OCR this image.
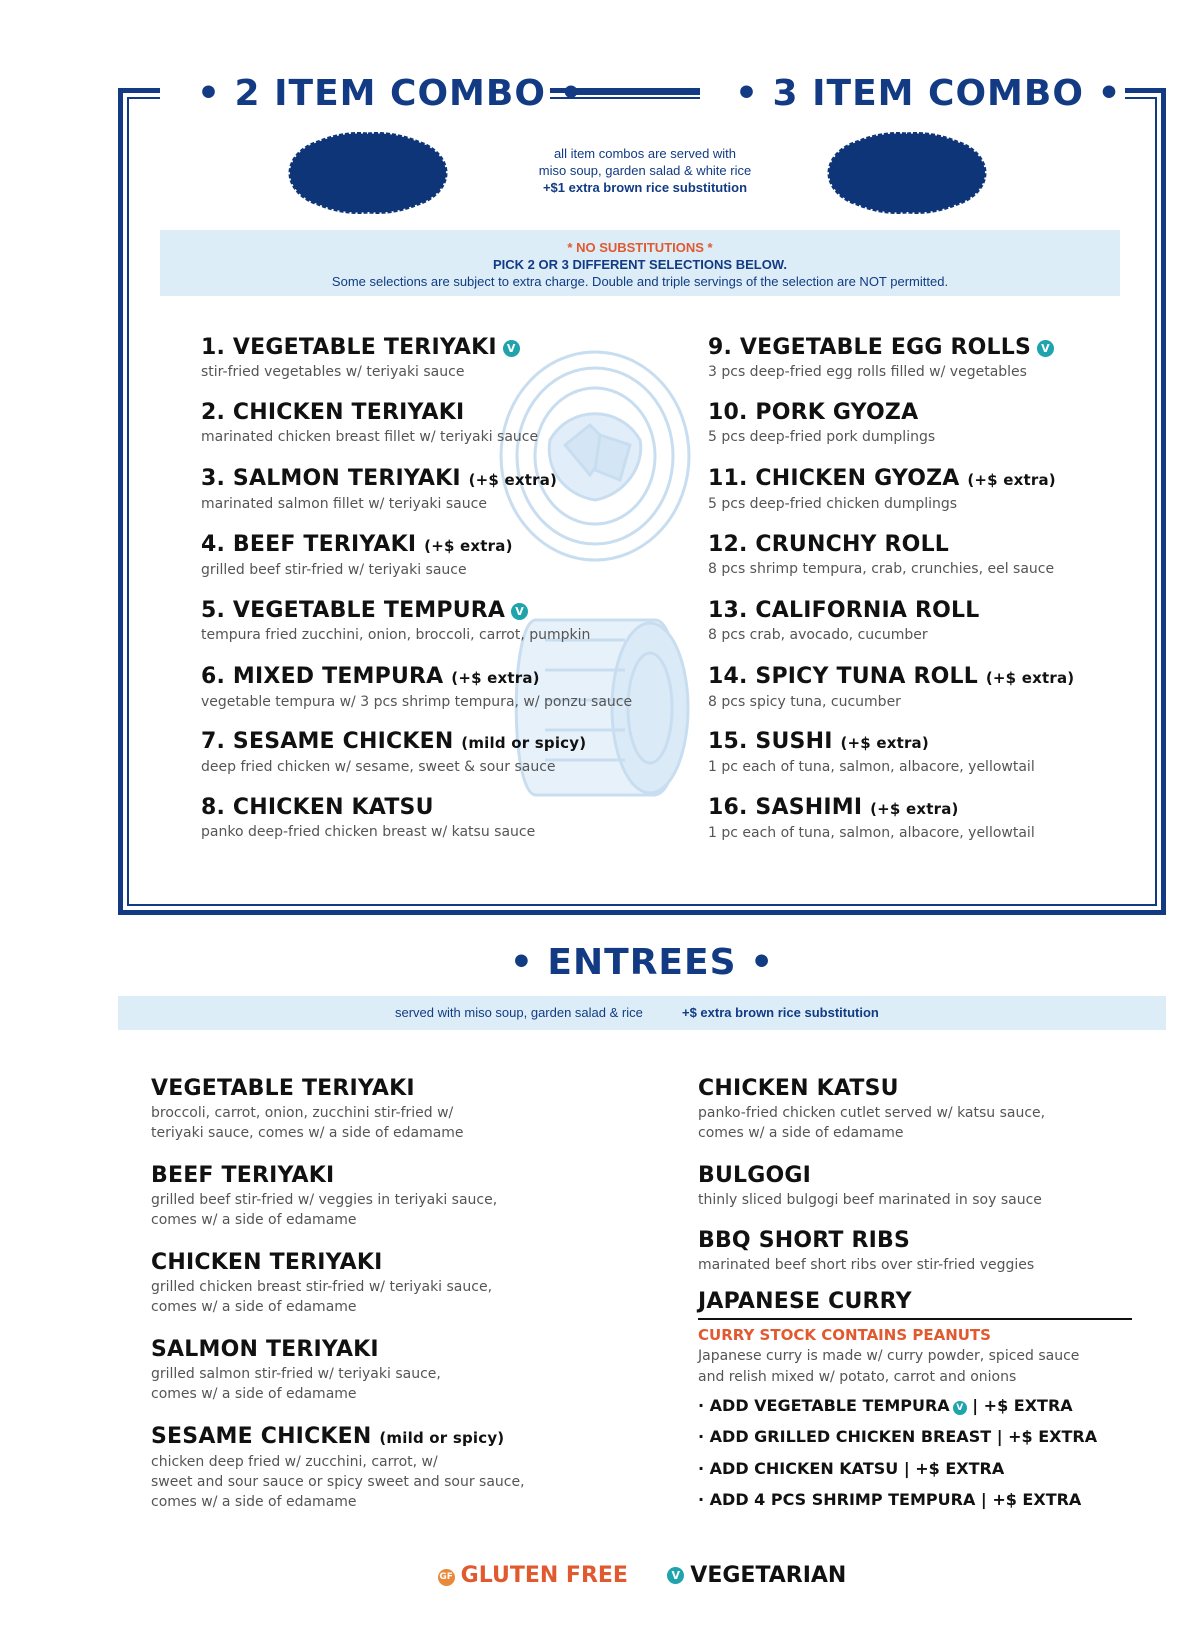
• 2 ITEM COMBO •	• 3 ITEM COMBO •
all item combos are served with
miso soup, garden salad & white rice
+$1 extra brown rice substitution
* NO SUBSTITUTIONS *
PICK 2 OR 3 DIFFERENT SELECTIONS BELOW.
Some selections are subject to extra charge. Double and triple servings of the selection are NOT permitted.
1. VEGETABLE TERIYAKI V
stir-fried vegetables w/ teriyaki sauce
2. CHICKEN TERIYAKI
marinated chicken breast fillet w/ teriyaki sauce
3. SALMON TERIYAKI (+$ extra)
marinated salmon fillet w/ teriyaki sauce
4. BEEF TERIYAKI (+$ extra)
grilled beef stir-fried w/ teriyaki sauce
5. VEGETABLE TEMPURA V
tempura fried zucchini, onion, broccoli, carrot, pumpkin
6. MIXED TEMPURA (+$ extra)
vegetable tempura w/ 3 pcs shrimp tempura, w/ ponzu sauce
7. SESAME CHICKEN (mild or spicy)
deep fried chicken w/ sesame, sweet & sour sauce
8. CHICKEN KATSU
panko deep-fried chicken breast w/ katsu sauce
9. VEGETABLE EGG ROLLS V
3 pcs deep-fried egg rolls filled w/ vegetables
10. PORK GYOZA
5 pcs deep-fried pork dumplings
11. CHICKEN GYOZA (+$ extra)
5 pcs deep-fried chicken dumplings
12. CRUNCHY ROLL
8 pcs shrimp tempura, crab, crunchies, eel sauce
13. CALIFORNIA ROLL
8 pcs crab, avocado, cucumber
14. SPICY TUNA ROLL (+$ extra)
8 pcs spicy tuna, cucumber
15. SUSHI (+$ extra)
1 pc each of tuna, salmon, albacore, yellowtail
16. SASHIMI (+$ extra)
1 pc each of tuna, salmon, albacore, yellowtail
• ENTREES •
served with miso soup, garden salad & rice	+$ extra brown rice substitution
VEGETABLE TERIYAKI
broccoli, carrot, onion, zucchini stir-fried w/
teriyaki sauce, comes w/ a side of edamame
BEEF TERIYAKI
grilled beef stir-fried w/ veggies in teriyaki sauce,
comes w/ a side of edamame
CHICKEN TERIYAKI
grilled chicken breast stir-fried w/ teriyaki sauce,
comes w/ a side of edamame
SALMON TERIYAKI
grilled salmon stir-fried w/ teriyaki sauce,
comes w/ a side of edamame
SESAME CHICKEN (mild or spicy)
chicken deep fried w/ zucchini, carrot, w/
sweet and sour sauce or spicy sweet and sour sauce,
comes w/ a side of edamame
CHICKEN KATSU
panko-fried chicken cutlet served w/ katsu sauce,
comes w/ a side of edamame
BULGOGI
thinly sliced bulgogi beef marinated in soy sauce
BBQ SHORT RIBS
marinated beef short ribs over stir-fried veggies
JAPANESE CURRY
CURRY STOCK CONTAINS PEANUTS
Japanese curry is made w/ curry powder, spiced sauce
and relish mixed w/ potato, carrot and onions
· ADD VEGETABLE TEMPURA V | +$ EXTRA
· ADD GRILLED CHICKEN BREAST | +$ EXTRA
· ADD CHICKEN KATSU | +$ EXTRA
· ADD 4 PCS SHRIMP TEMPURA | +$ EXTRA
GF GLUTEN FREE	V VEGETARIAN
